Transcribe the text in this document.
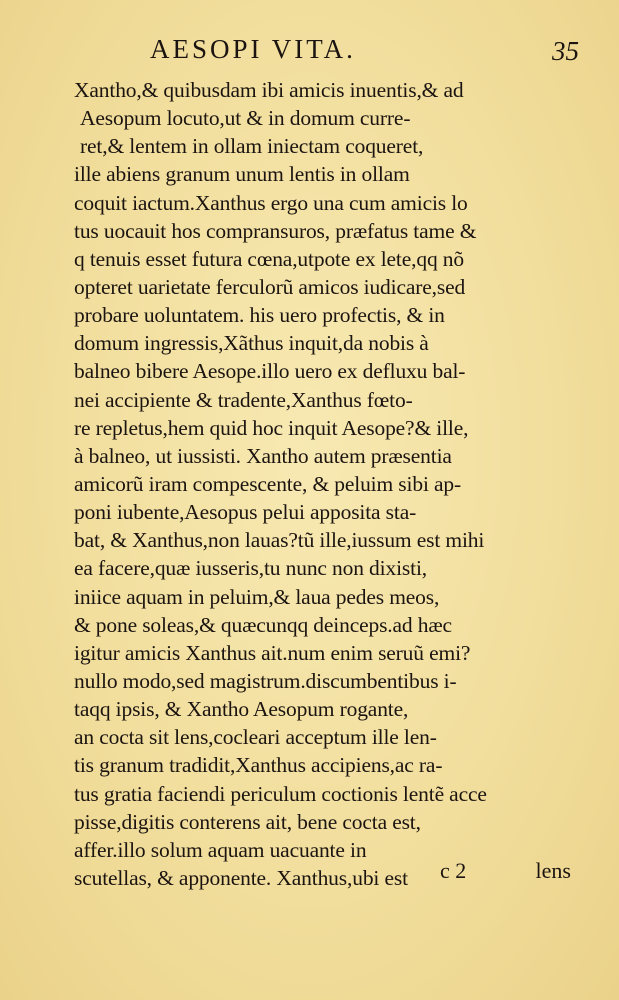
AESOPI VITA.	35
Xantho,& quibusdam ibi amicis inuentis,& ad
Aesopum locuto,ut & in domum curre-
ret,& lentem in ollam iniectam coqueret,
ille abiens granum unum lentis in ollam
coquit iactum.Xanthus ergo una cum amicis lo
tus uocauit hos compransuros, præfatus tame &
q tenuis esset futura cœna,utpote ex lete,qq nõ
opteret uarietate ferculorũ amicos iudicare,sed
probare uoluntatem. his uero profectis, & in
domum ingressis,Xãthus inquit,da nobis à
balneo bibere Aesope.illo uero ex defluxu bal-
nei accipiente & tradente,Xanthus fœto-
re repletus,hem quid hoc inquit Aesope?& ille,
à balneo, ut iussisti. Xantho autem præsentia
amicorũ iram compescente, & peluim sibi ap-
poni iubente,Aesopus pelui apposita sta-
bat, & Xanthus,non lauas?tũ ille,iussum est mihi
ea facere,quæ iusseris,tu nunc non dixisti,
iniice aquam in peluim,& laua pedes meos,
& pone soleas,& quæcunqq deinceps.ad hæc
igitur amicis Xanthus ait.num enim seruũ emi?
nullo modo,sed magistrum.discumbentibus i-
taqq ipsis, & Xantho Aesopum rogante,
an cocta sit lens,cocleari acceptum ille len-
tis granum tradidit,Xanthus accipiens,ac ra-
tus gratia faciendi periculum coctionis lentẽ acce
pisse,digitis conterens ait, bene cocta est,
affer.illo solum aquam uacuante in
scutellas, & apponente. Xanthus,ubi est	c 2	lens
